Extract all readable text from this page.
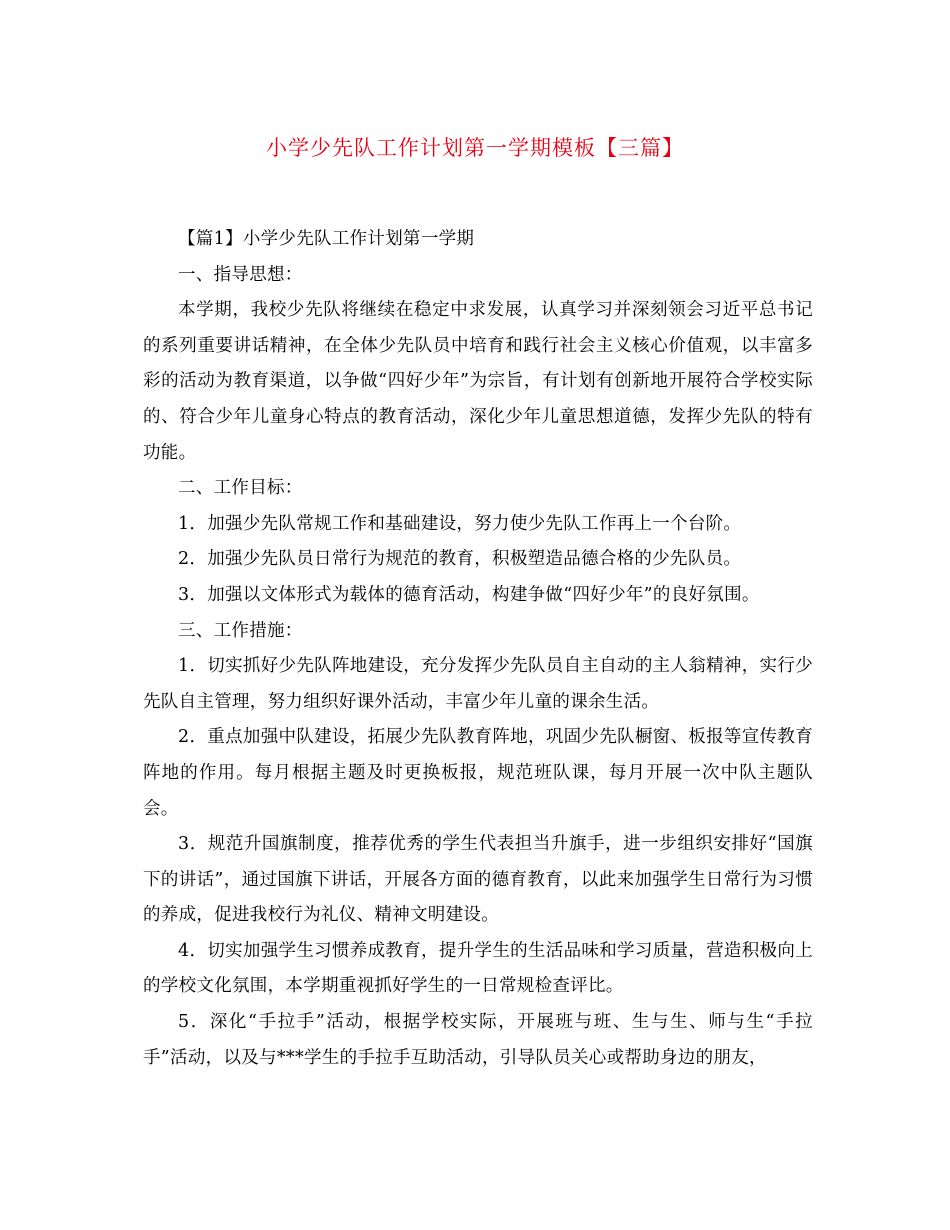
小学少先队工作计划第一学期模板【三篇】

【篇1】小学少先队工作计划第一学期

一、指导思想：

本学期，我校少先队将继续在稳定中求发展，认真学习并深刻领会习近平总书记的系列重要讲话精神，在全体少先队员中培育和践行社会主义核心价值观，以丰富多彩的活动为教育渠道，以争做“四好少年”为宗旨，有计划有创新地开展符合学校实际的、符合少年儿童身心特点的教育活动，深化少年儿童思想道德，发挥少先队的特有功能。

二、工作目标：

1．加强少先队常规工作和基础建设，努力使少先队工作再上一个台阶。

2．加强少先队员日常行为规范的教育，积极塑造品德合格的少先队员。

3．加强以文体形式为载体的德育活动，构建争做“四好少年”的良好氛围。

三、工作措施：

1．切实抓好少先队阵地建设，充分发挥少先队员自主自动的主人翁精神，实行少先队自主管理，努力组织好课外活动，丰富少年儿童的课余生活。

2．重点加强中队建设，拓展少先队教育阵地，巩固少先队橱窗、板报等宣传教育阵地的作用。每月根据主题及时更换板报，规范班队课，每月开展一次中队主题队会。

3．规范升国旗制度，推荐优秀的学生代表担当升旗手，进一步组织安排好“国旗下的讲话”，通过国旗下讲话，开展各方面的德育教育，以此来加强学生日常行为习惯的养成，促进我校行为礼仪、精神文明建设。

4．切实加强学生习惯养成教育，提升学生的生活品味和学习质量，营造积极向上的学校文化氛围，本学期重视抓好学生的一日常规检查评比。

5．深化“手拉手”活动，根据学校实际，开展班与班、生与生、师与生“手拉手”活动，以及与***学生的手拉手互助活动，引导队员关心或帮助身边的朋友，
